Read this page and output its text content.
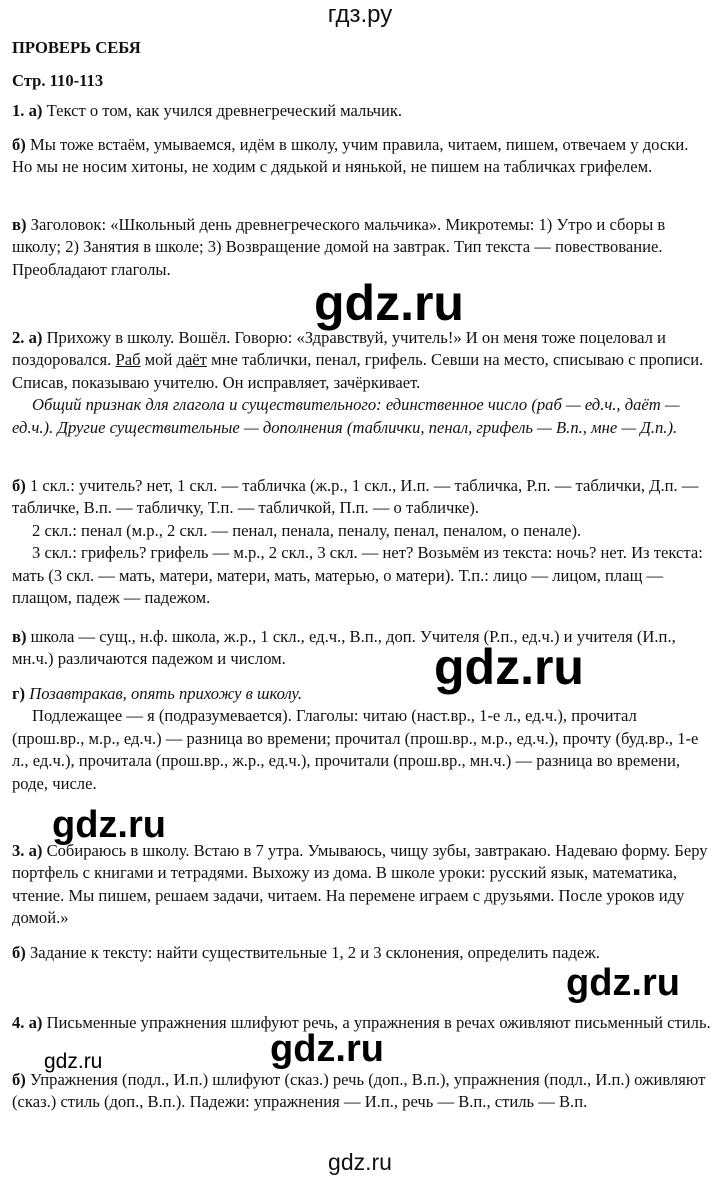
гдз.ру
ПРОВЕРЬ СЕБЯ
Стр. 110-113

1. а) Текст о том, как учился древнегреческий мальчик.

б) Мы тоже встаём, умываемся, идём в школу, учим правила, читаем, пишем, отвечаем у доски. Но мы не носим хитоны, не ходим с дядькой и нянькой, не пишем на табличках грифелем.

в) Заголовок: «Школьный день древнегреческого мальчика». Микротемы: 1) Утро и сборы в школу; 2) Занятия в школе; 3) Возвращение домой на завтрак. Тип текста — повествование. Преобладают глаголы.

2. а) Прихожу в школу. Вошёл. Говорю: «Здравствуй, учитель!» И он меня тоже поцеловал и поздоровался. Раб мой даёт мне таблички, пенал, грифель. Севши на место, списываю с прописи. Списав, показываю учителю. Он исправляет, зачёркивает.

Общий признак для глагола и существительного: единственное число (раб — ед.ч., даёт — ед.ч.). Другие существительные — дополнения (таблички, пенал, грифель — В.п., мне — Д.п.).

б) 1 скл.: учитель? нет, 1 скл. — табличка (ж.р., 1 скл., И.п. — табличка, Р.п. — таблички, Д.п. — табличке, В.п. — табличку, Т.п. — табличкой, П.п. — о табличке).

2 скл.: пенал (м.р., 2 скл. — пенал, пенала, пеналу, пенал, пеналом, о пенале).

3 скл.: грифель? грифель — м.р., 2 скл., 3 скл. — нет? Возьмём из текста: ночь? нет. Из текста: мать (3 скл. — мать, матери, матери, мать, матерью, о матери). Т.п.: лицо — лицом, плащ — плащом, падеж — падежом.

в) школа — сущ., н.ф. школа, ж.р., 1 скл., ед.ч., В.п., доп. Учителя (Р.п., ед.ч.) и учителя (И.п., мн.ч.) различаются падежом и числом.

г) Позавтракав, опять прихожу в школу.

Подлежащее — я (подразумевается). Глаголы: читаю (наст.вр., 1-е л., ед.ч.), прочитал (прош.вр., м.р., ед.ч.) — разница во времени; прочитал (прош.вр., м.р., ед.ч.), прочту (буд.вр., 1-е л., ед.ч.), прочитала (прош.вр., ж.р., ед.ч.), прочитали (прош.вр., мн.ч.) — разница во времени, роде, числе.

3. а) Собираюсь в школу. Встаю в 7 утра. Умываюсь, чищу зубы, завтракаю. Надеваю форму. Беру портфель с книгами и тетрадями. Выхожу из дома. В школе уроки: русский язык, математика, чтение. Мы пишем, решаем задачи, читаем. На перемене играем с друзьями. После уроков иду домой.»

б) Задание к тексту: найти существительные 1, 2 и 3 склонения, определить падеж.

4. а) Письменные упражнения шлифуют речь, а упражнения в речах оживляют письменный стиль.

б) Упражнения (подл., И.п.) шлифуют (сказ.) речь (доп., В.п.), упражнения (подл., И.п.) оживляют (сказ.) стиль (доп., В.п.). Падежи: упражнения — И.п., речь — В.п., стиль — В.п.

gdz.ru
gdz.ru
gdz.ru
gdz.ru
gdz.ru
gdz.ru
gdz.ru
